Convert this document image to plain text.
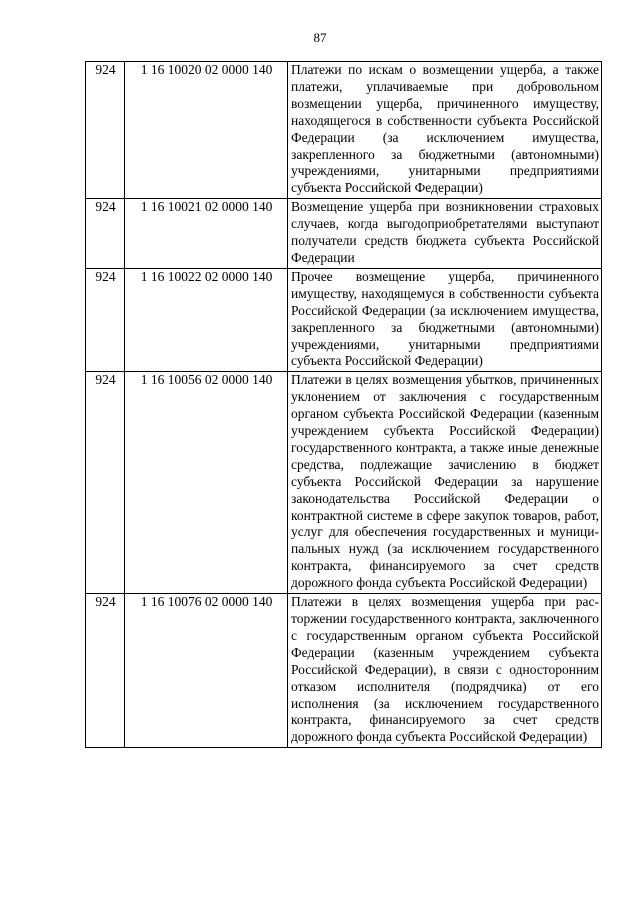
87
924	1 16 10020 02 0000 140	Платежи по искам о возмещении ущерба, а также платежи, уплачиваемые при добровольном возмещении ущерба, причиненного имуществу, находящегося в собственности субъекта Российской Федерации (за исключением имущества, закрепленного за бюджетными (автономными) учреждениями, унитарными предприятиями субъекта Российской Федерации)
924	1 16 10021 02 0000 140	Возмещение ущерба при возникновении страховых случаев, когда выгодоприобретателями выступают получатели средств бюджета субъекта Российской Федерации
924	1 16 10022 02 0000 140	Прочее возмещение ущерба, причиненного имуществу, находящемуся в собственности субъекта Российской Федерации (за исключением имущества, закрепленного за бюджетными (автономными) учреждениями, унитарными предприятиями субъекта Российской Федерации)
924	1 16 10056 02 0000 140	Платежи в целях возмещения убытков, причиненных уклонением от заключения с государственным органом субъекта Российской Федерации (казенным учреждением субъекта Российской Федерации) государственного контракта, а также иные денежные средства, подлежащие зачислению в бюджет субъекта Российской Федерации за нарушение законодательства Российской Федерации о контрактной системе в сфере закупок товаров, работ, услуг для обеспечения государственных и муниципальных нужд (за исключением государственного контракта, финансируемого за счет средств дорожного фонда субъекта Российской Федерации)
924	1 16 10076 02 0000 140	Платежи в целях возмещения ущерба при расторжении государственного контракта, заключенного с государственным органом субъекта Российской Федерации (казенным учреждением субъекта Российской Федерации), в связи с односторонним отказом исполнителя (подрядчика) от его исполнения (за исключением государственного контракта, финансируемого за счет средств дорожного фонда субъекта Российской Федерации)
